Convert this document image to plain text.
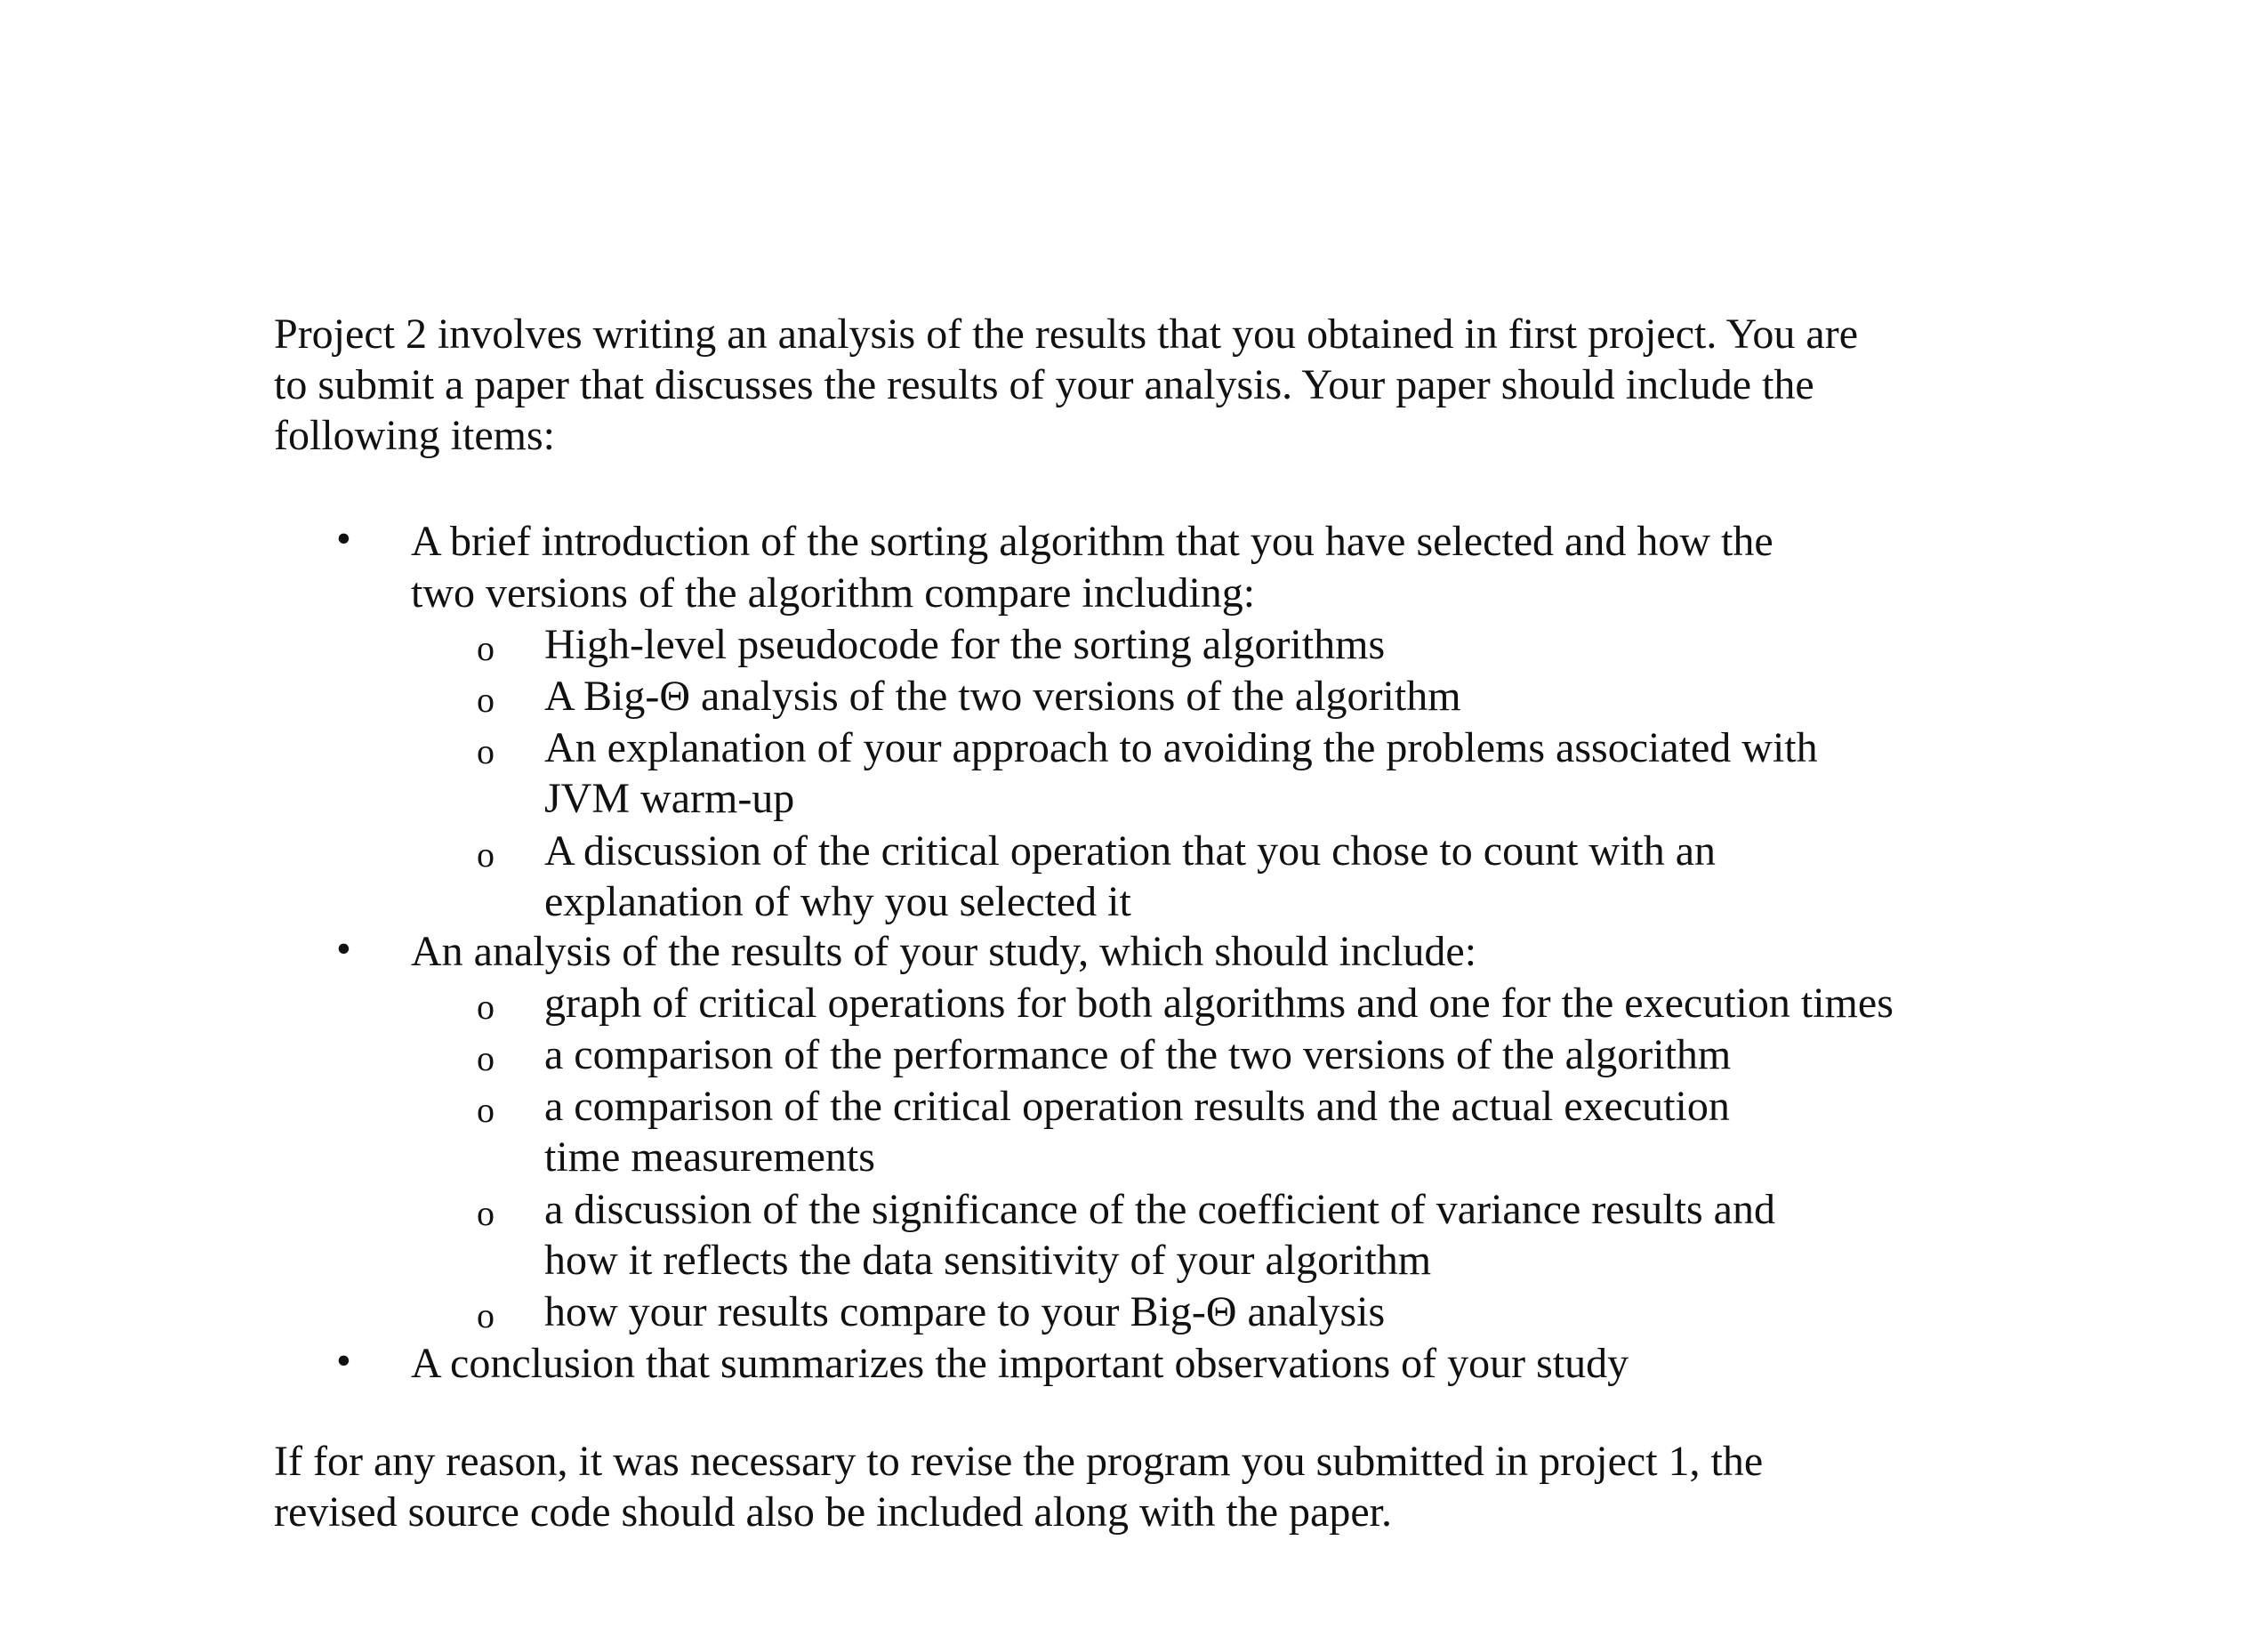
Project 2 involves writing an analysis of the results that you obtained in first project. You are
to submit a paper that discusses the results of your analysis. Your paper should include the
following items:
• A brief introduction of the sorting algorithm that you have selected and how the
two versions of the algorithm compare including:
o High-level pseudocode for the sorting algorithms
o A Big-Θ analysis of the two versions of the algorithm
o An explanation of your approach to avoiding the problems associated with
JVM warm-up
o A discussion of the critical operation that you chose to count with an
explanation of why you selected it
• An analysis of the results of your study, which should include:
o graph of critical operations for both algorithms and one for the execution times
o a comparison of the performance of the two versions of the algorithm
o a comparison of the critical operation results and the actual execution
time measurements
o a discussion of the significance of the coefficient of variance results and
how it reflects the data sensitivity of your algorithm
o how your results compare to your Big-Θ analysis
• A conclusion that summarizes the important observations of your study
If for any reason, it was necessary to revise the program you submitted in project 1, the
revised source code should also be included along with the paper.
